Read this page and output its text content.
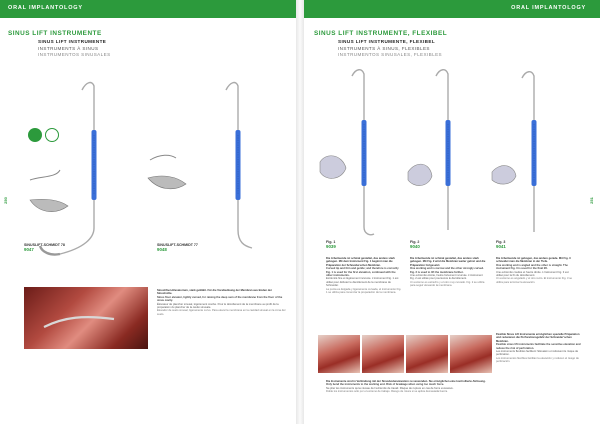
ORAL IMPLANTOLOGY
SINUS LIFT INSTRUMENTE
SINUS LIFT INSTRUMENTE
INSTRUMENTS À SINUS
INSTRUMENTOS SINUSALES
250
SINUSLIFT-SCHMIDT 78
9047
SINUSLIFT-SCHMIDT 77
9048
Sinuslifnen-Elevatorium, stark gebläht. Für die Vorabwöbung der Membran aus Boden der Sinushohle.
Sinus floor elevator, lightly curved, for raising the deep sum of the membrane from the floor of the sinus cavity.
Élévateur de plancher sinusal, légèrement courbe. Pour le décollement de la membrane au profit de la préparation du plancher de la cavité sinusale.
Elevador de suelo sinusal, ligeramente curvo. Para elevar la membrana en la cavidad sinusal en la zona del suelo.
ORAL IMPLANTOLOGY
SINUS LIFT INSTRUMENTE, FLEXIBEL
SINUS LIFT INSTRUMENTE, FLEXIBEL
INSTRUMENTS À SINUS, FLEXIBLES
INSTRUMENTOS SINUSALES, FLEXIBLES
251
Fig. 1
9039
Die Arbeitsende ist schmal gestaltet, das andere stark gebogen. Mit dem Instrument Fig. 1 beginnt man die Präparation der Schneiderschen Membran.
Curved tip and thin and gentle; and therefore is correctly Fig. 1 is used for the first elevation, continued with the other instruments.
Extrémité fine et légèrement incurvée. L'instrument Fig. 1 est utilisé pour débuter le décollement de la membrane de Schneider.
La punta es delgada y ligeramente curvada, el instrumento Fig. 1 se utiliza para comenzar la preparación de la membrana.
Fig. 2
9040
Die Arbeitsende ist schmal gestaltet, das andere stark gebogen. Mit Fig. 2 wird die Membran weiter gelöst und die Präparation fortgesetzt.
One working end is narrow and the other strongly curved. Fig. 2 is used to lift the membrane further.
Une extrémité étroite, l'autre fortement incurvée. L'instrument Fig. 2 est utilisé pour poursuivre le décollement.
Un extremo es estrecho y el otro muy curvado. Fig. 2 se utiliza para seguir elevando la membrana.
Fig. 3
9041
Die Arbeitsende ist gebogen, das andere gerade. Mit Fig. 3 schneidet man die Membran in der Tiefe.
One working end is angled and the other is straight. The instrument Fig. 3 is used for the final lift.
Une extrémité coudée et l'autre droite. L'instrument Fig. 3 est utilisé pour la fin du décollement.
Un extremo es angulado y el otro recto. El instrumento Fig. 3 se utiliza para terminar la elevación.
Flexible Sinus Lift Instrumente ermöglichen spezielle Präparation und reduzieren die Perforationsgefahr der Schneider'schen Membran.
Flexible sinus lift instruments facilitate the sensitive elevation and reduce the risk of perforation.
Les instruments flexibles facilitent l'élévation et réduisent le risque de perforation.
Los instrumentos flexibles facilitan la elevación y reducen el riesgo de perforación.
Die Instrumente sind in Verbindung mit der Sinusbodenelevation zu verwenden. Sie ermöglichen eine kontrollierte Ablösung.
Only bend the instruments to the working end. Risk of breakage when using too much force.
Ne plier les instruments qu'au niveau de l'extrémité de travail. Risque de rupture en cas de force excessive.
Doble los instrumentos sólo por el extremo de trabajo. Riesgo de rotura si se aplica demasiada fuerza.
